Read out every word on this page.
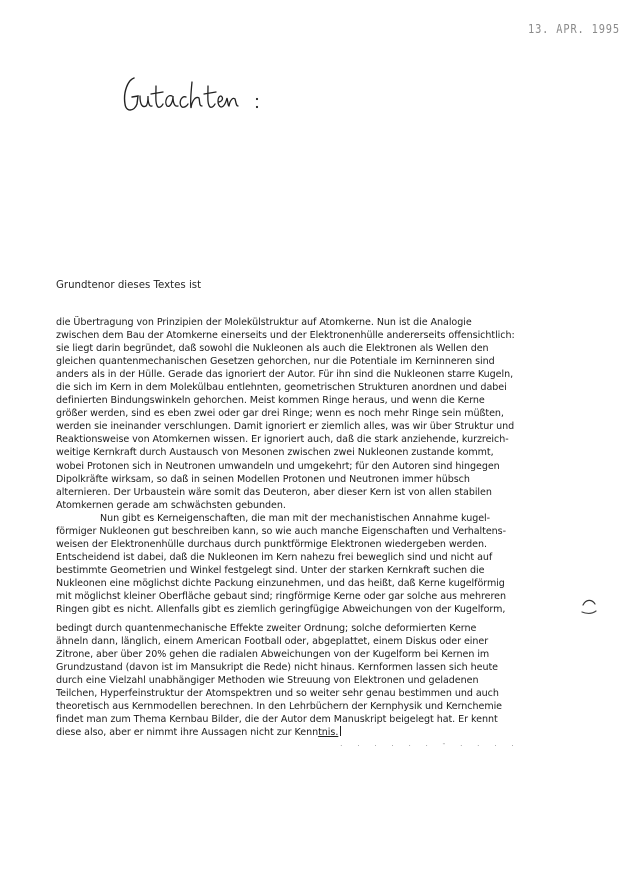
13. APR. 1995
Grundtenor dieses Textes ist
die Übertragung von Prinzipien der Molekülstruktur auf Atomkerne. Nun ist die Analogie
zwischen dem Bau der Atomkerne einerseits und der Elektronenhülle andererseits offensichtlich:
sie liegt darin begründet, daß sowohl die Nukleonen als auch die Elektronen als Wellen den
gleichen quantenmechanischen Gesetzen gehorchen, nur die Potentiale im Kerninneren sind
anders als in der Hülle. Gerade das ignoriert der Autor. Für ihn sind die Nukleonen starre Kugeln,
die sich im Kern in dem Molekülbau entlehnten, geometrischen Strukturen anordnen und dabei
definierten Bindungswinkeln gehorchen. Meist kommen Ringe heraus, und wenn die Kerne
größer werden, sind es eben zwei oder gar drei Ringe; wenn es noch mehr Ringe sein müßten,
werden sie ineinander verschlungen. Damit ignoriert er ziemlich alles, was wir über Struktur und
Reaktionsweise von Atomkernen wissen. Er ignoriert auch, daß die stark anziehende, kurzreich-
weitige Kernkraft durch Austausch von Mesonen zwischen zwei Nukleonen zustande kommt,
wobei Protonen sich in Neutronen umwandeln und umgekehrt; für den Autoren sind hingegen
Dipolkräfte wirksam, so daß in seinen Modellen Protonen und Neutronen immer hübsch
alternieren. Der Urbaustein wäre somit das Deuteron, aber dieser Kern ist von allen stabilen
Atomkernen gerade am schwächsten gebunden.
Nun gibt es Kerneigenschaften, die man mit der mechanistischen Annahme kugel-
förmiger Nukleonen gut beschreiben kann, so wie auch manche Eigenschaften und Verhaltens-
weisen der Elektronenhülle durchaus durch punktförmige Elektronen wiedergeben werden.
Entscheidend ist dabei, daß die Nukleonen im Kern nahezu frei beweglich sind und nicht auf
bestimmte Geometrien und Winkel festgelegt sind. Unter der starken Kernkraft suchen die
Nukleonen eine möglichst dichte Packung einzunehmen, und das heißt, daß Kerne kugelförmig
mit möglichst kleiner Oberfläche gebaut sind; ringförmige Kerne oder gar solche aus mehreren
Ringen gibt es nicht. Allenfalls gibt es ziemlich geringfügige Abweichungen von der Kugelform,
bedingt durch quantenmechanische Effekte zweiter Ordnung; solche deformierten Kerne
ähneln dann, länglich, einem American Football oder, abgeplattet, einem Diskus oder einer
Zitrone, aber über 20% gehen die radialen Abweichungen von der Kugelform bei Kernen im
Grundzustand (davon ist im Mansukript die Rede) nicht hinaus. Kernformen lassen sich heute
durch eine Vielzahl unabhängiger Methoden wie Streuung von Elektronen und geladenen
Teilchen, Hyperfeinstruktur der Atomspektren und so weiter sehr genau bestimmen und auch
theoretisch aus Kernmodellen berechnen. In den Lehrbüchern der Kernphysik und Kernchemie
findet man zum Thema Kernbau Bilder, die der Autor dem Manuskript beigelegt hat. Er kennt
diese also, aber er nimmt ihre Aussagen nicht zur Kenntnis.
. . . . . . - . . . .
